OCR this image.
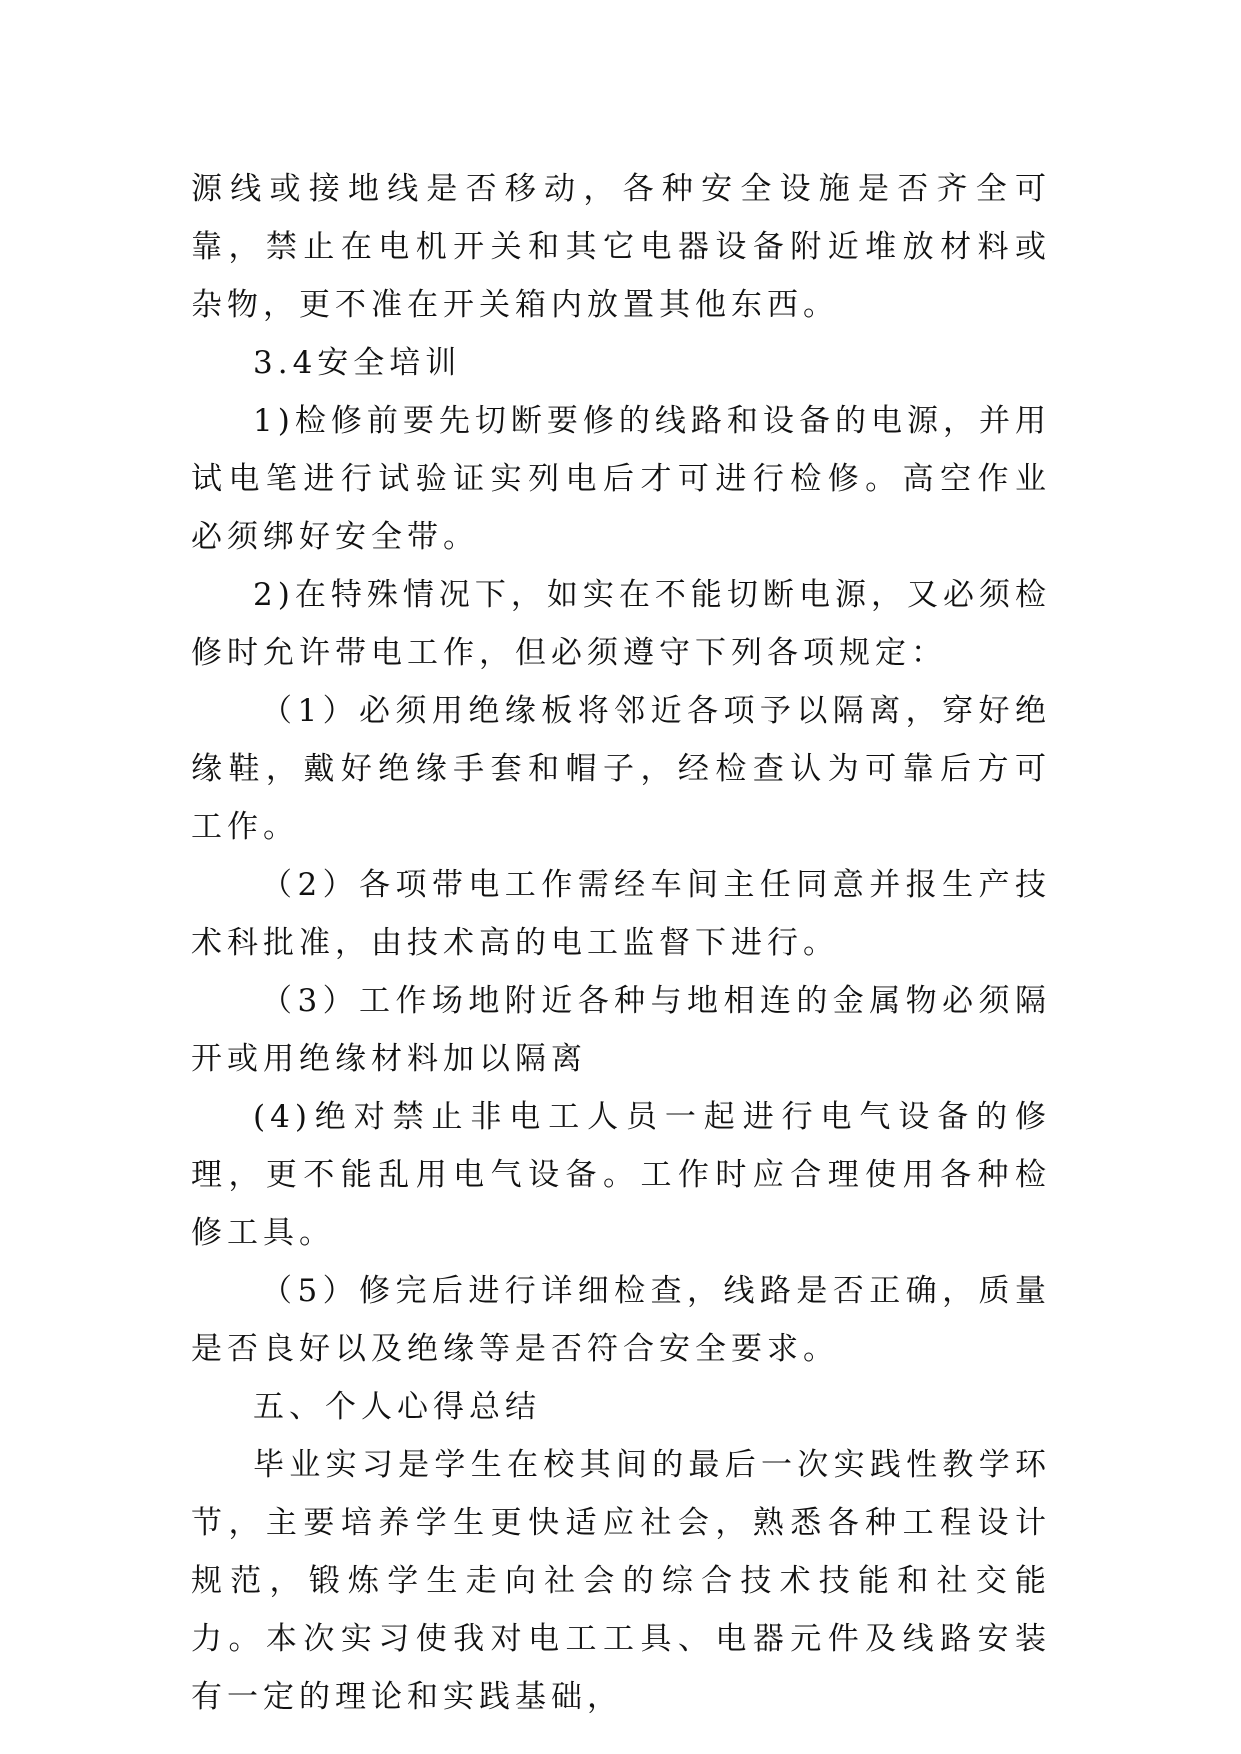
源线或接地线是否移动，各种安全设施是否齐全可靠，禁止在电机开关和其它电器设备附近堆放材料或杂物，更不准在开关箱内放置其他东西。

3.4安全培训

1)检修前要先切断要修的线路和设备的电源，并用试电笔进行试验证实列电后才可进行检修。高空作业必须绑好安全带。

2)在特殊情况下，如实在不能切断电源，又必须检修时允许带电工作，但必须遵守下列各项规定：

（1）必须用绝缘板将邻近各项予以隔离，穿好绝缘鞋，戴好绝缘手套和帽子，经检查认为可靠后方可工作。

（2）各项带电工作需经车间主任同意并报生产技术科批准，由技术高的电工监督下进行。

（3）工作场地附近各种与地相连的金属物必须隔开或用绝缘材料加以隔离

(4)绝对禁止非电工人员一起进行电气设备的修理，更不能乱用电气设备。工作时应合理使用各种检修工具。

（5）修完后进行详细检查，线路是否正确，质量是否良好以及绝缘等是否符合安全要求。

五、个人心得总结

毕业实习是学生在校其间的最后一次实践性教学环节，主要培养学生更快适应社会，熟悉各种工程设计规范，锻炼学生走向社会的综合技术技能和社交能力。本次实习使我对电工工具、电器元件及线路安装有一定的理论和实践基础，
